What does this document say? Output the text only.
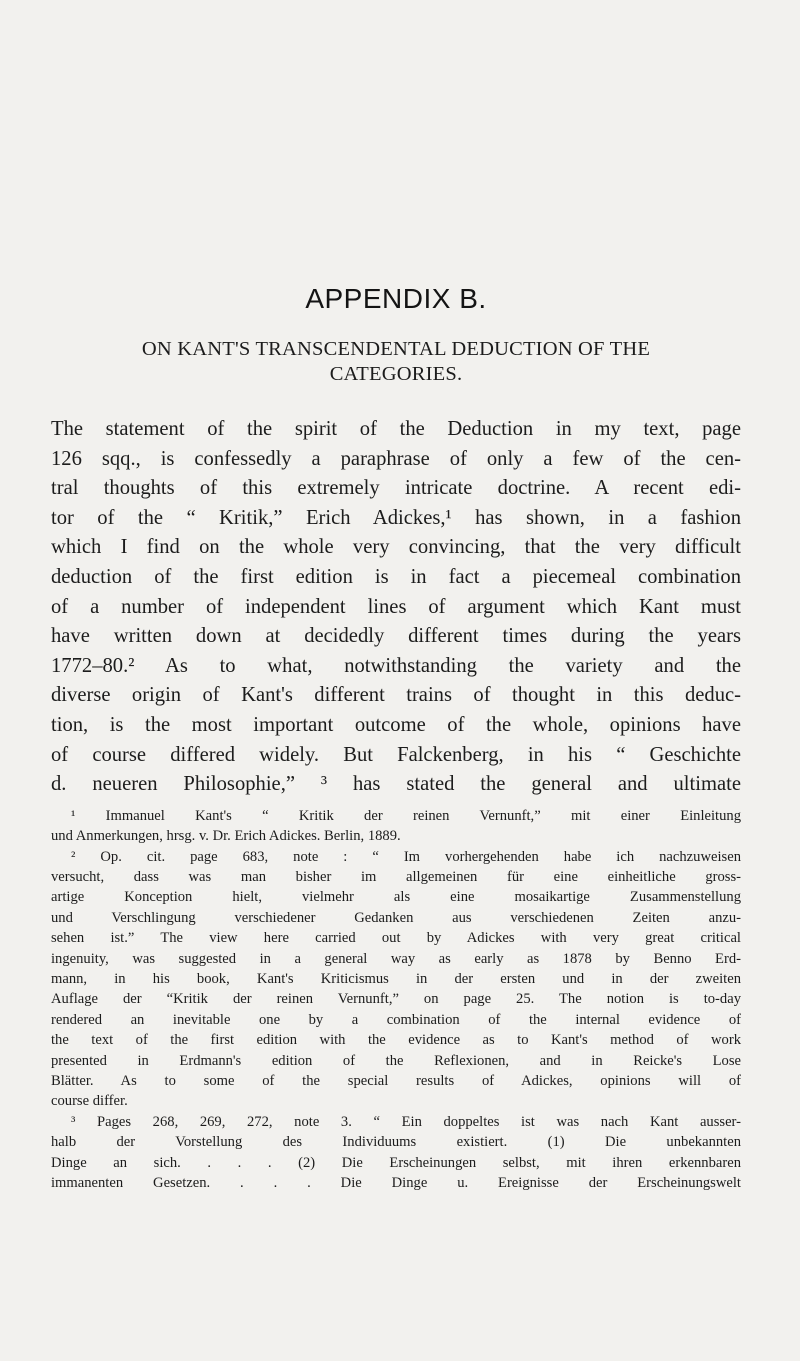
APPENDIX B.
ON KANT'S TRANSCENDENTAL DEDUCTION OF THE
CATEGORIES.

The statement of the spirit of the Deduction in my text, page
126 sqq., is confessedly a paraphrase of only a few of the cen-
tral thoughts of this extremely intricate doctrine. A recent edi-
tor of the “ Kritik,” Erich Adickes,¹ has shown, in a fashion
which I find on the whole very convincing, that the very difficult
deduction of the first edition is in fact a piecemeal combination
of a number of independent lines of argument which Kant must
have written down at decidedly different times during the years
1772–80.² As to what, notwithstanding the variety and the
diverse origin of Kant's different trains of thought in this deduc-
tion, is the most important outcome of the whole, opinions have
of course differed widely. But Falckenberg, in his “ Geschichte
d. neueren Philosophie,” ³ has stated the general and ultimate

¹ Immanuel Kant's “ Kritik der reinen Vernunft,” mit einer Einleitung
und Anmerkungen, hrsg. v. Dr. Erich Adickes. Berlin, 1889.
² Op. cit. page 683, note : “ Im vorhergehenden habe ich nachzuweisen
versucht, dass was man bisher im allgemeinen für eine einheitliche gross-
artige Konception hielt, vielmehr als eine mosaikartige Zusammenstellung
und Verschlingung verschiedener Gedanken aus verschiedenen Zeiten anzu-
sehen ist.” The view here carried out by Adickes with very great critical
ingenuity, was suggested in a general way as early as 1878 by Benno Erd-
mann, in his book, Kant's Kriticismus in der ersten und in der zweiten
Auflage der “Kritik der reinen Vernunft,” on page 25. The notion is to-day
rendered an inevitable one by a combination of the internal evidence of
the text of the first edition with the evidence as to Kant's method of work
presented in Erdmann's edition of the Reflexionen, and in Reicke's Lose
Blätter. As to some of the special results of Adickes, opinions will of
course differ.
³ Pages 268, 269, 272, note 3. “ Ein doppeltes ist was nach Kant ausser-
halb der Vorstellung des Individuums existiert. (1) Die unbekannten
Dinge an sich. . . . (2) Die Erscheinungen selbst, mit ihren erkennbaren
immanenten Gesetzen. . . . Die Dinge u. Ereignisse der Erscheinungswelt
